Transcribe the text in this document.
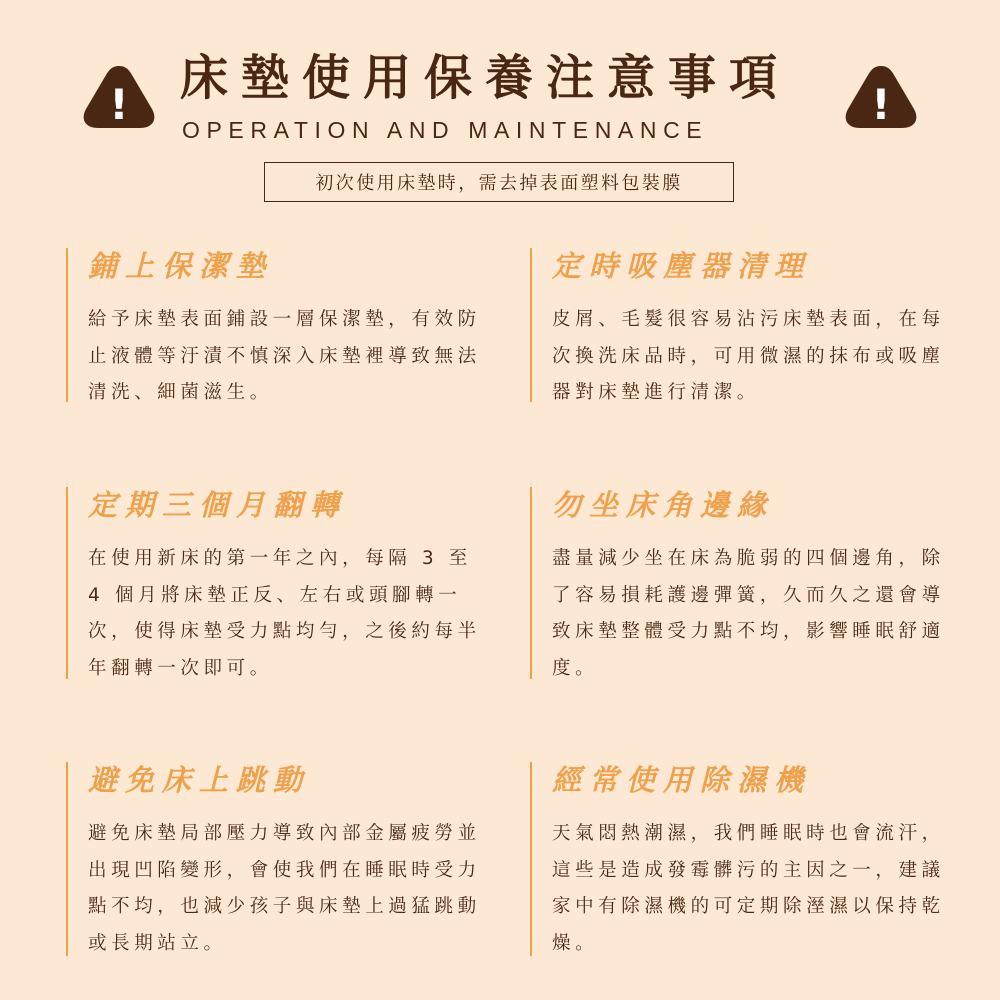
! 床墊使用保養注意事項
OPERATION AND MAINTENANCE
!
初次使用床墊時，需去掉表面塑料包裝膜
鋪上保潔墊
給予床墊表面鋪設一層保潔墊，有效防止液體等汙漬不慎深入床墊裡導致無法清洗、細菌滋生。
定時吸塵器清理
皮屑、毛髮很容易沾污床墊表面，在每次換洗床品時，可用微濕的抹布或吸塵器對床墊進行清潔。
定期三個月翻轉
在使用新床的第一年之內，每隔 3 至 4 個月將床墊正反、左右或頭腳轉一次，使得床墊受力點均勻，之後約每半年翻轉一次即可。
勿坐床角邊緣
盡量減少坐在床為脆弱的四個邊角，除了容易損耗護邊彈簧，久而久之還會導致床墊整體受力點不均，影響睡眠舒適度。
避免床上跳動
避免床墊局部壓力導致內部金屬疲勞並出現凹陷變形，會使我們在睡眠時受力點不均，也減少孩子與床墊上過猛跳動或長期站立。
經常使用除濕機
天氣悶熱潮濕，我們睡眠時也會流汗，這些是造成發霉髒污的主因之一，建議家中有除濕機的可定期除溼濕以保持乾燥。
